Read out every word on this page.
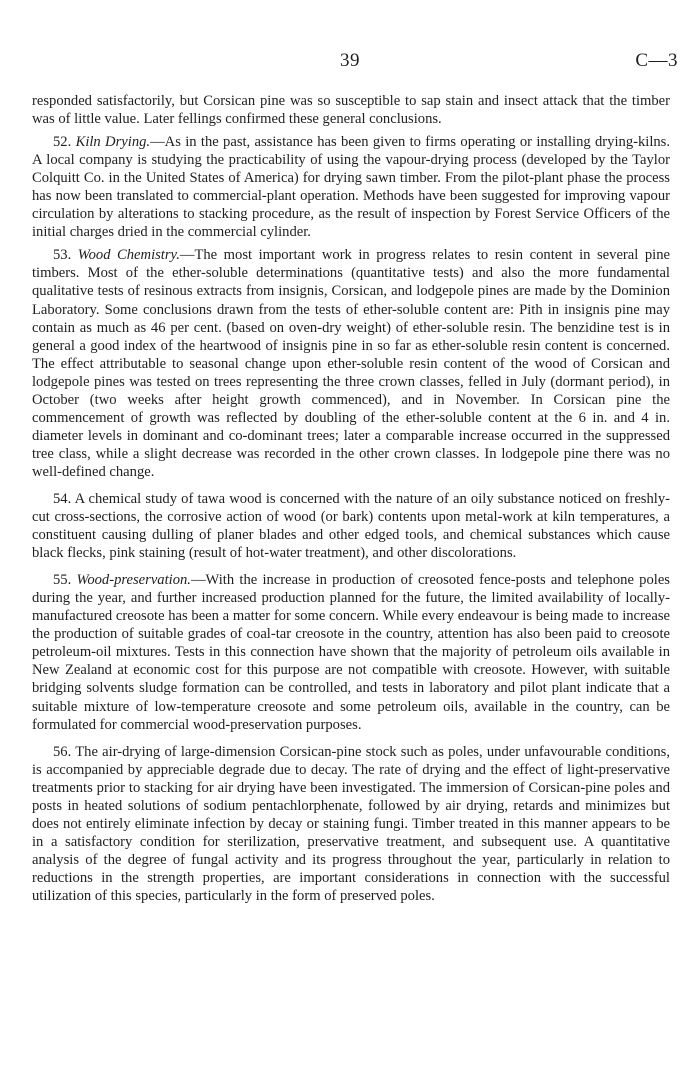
39	C—3

responded satisfactorily, but Corsican pine was so susceptible to sap stain and insect attack that the timber was of little value. Later fellings confirmed these general conclusions.

52. Kiln Drying.—As in the past, assistance has been given to firms operating or installing drying-kilns. A local company is studying the practicability of using the vapour-drying process (developed by the Taylor Colquitt Co. in the United States of America) for drying sawn timber. From the pilot-plant phase the process has now been translated to commercial-plant operation. Methods have been suggested for improving vapour circulation by alterations to stacking procedure, as the result of inspection by Forest Service Officers of the initial charges dried in the commercial cylinder.

53. Wood Chemistry.—The most important work in progress relates to resin content in several pine timbers. Most of the ether-soluble determinations (quantitative tests) and also the more fundamental qualitative tests of resinous extracts from insignis, Corsican, and lodgepole pines are made by the Dominion Laboratory. Some conclusions drawn from the tests of ether-soluble content are: Pith in insignis pine may contain as much as 46 per cent. (based on oven-dry weight) of ether-soluble resin. The benzidine test is in general a good index of the heartwood of insignis pine in so far as ether-soluble resin content is concerned. The effect attributable to seasonal change upon ether-soluble resin content of the wood of Corsican and lodgepole pines was tested on trees representing the three crown classes, felled in July (dormant period), in October (two weeks after height growth commenced), and in November. In Corsican pine the commencement of growth was reflected by doubling of the ether-soluble content at the 6 in. and 4 in. diameter levels in dominant and co-dominant trees; later a comparable increase occurred in the suppressed tree class, while a slight decrease was recorded in the other crown classes. In lodgepole pine there was no well-defined change.

54. A chemical study of tawa wood is concerned with the nature of an oily substance noticed on freshly-cut cross-sections, the corrosive action of wood (or bark) contents upon metal-work at kiln temperatures, a constituent causing dulling of planer blades and other edged tools, and chemical substances which cause black flecks, pink staining (result of hot-water treatment), and other discolorations.

55. Wood-preservation.—With the increase in production of creosoted fence-posts and telephone poles during the year, and further increased production planned for the future, the limited availability of locally-manufactured creosote has been a matter for some concern. While every endeavour is being made to increase the production of suitable grades of coal-tar creosote in the country, attention has also been paid to creosote petroleum-oil mixtures. Tests in this connection have shown that the majority of petroleum oils available in New Zealand at economic cost for this purpose are not compatible with creosote. However, with suitable bridging solvents sludge formation can be controlled, and tests in laboratory and pilot plant indicate that a suitable mixture of low-temperature creosote and some petroleum oils, available in the country, can be formulated for commercial wood-preservation purposes.

56. The air-drying of large-dimension Corsican-pine stock such as poles, under unfavourable conditions, is accompanied by appreciable degrade due to decay. The rate of drying and the effect of light-preservative treatments prior to stacking for air drying have been investigated. The immersion of Corsican-pine poles and posts in heated solutions of sodium pentachlorphenate, followed by air drying, retards and minimizes but does not entirely eliminate infection by decay or staining fungi. Timber treated in this manner appears to be in a satisfactory condition for sterilization, preservative treatment, and subsequent use. A quantitative analysis of the degree of fungal activity and its progress throughout the year, particularly in relation to reductions in the strength properties, are important considerations in connection with the successful utilization of this species, particularly in the form of preserved poles.
